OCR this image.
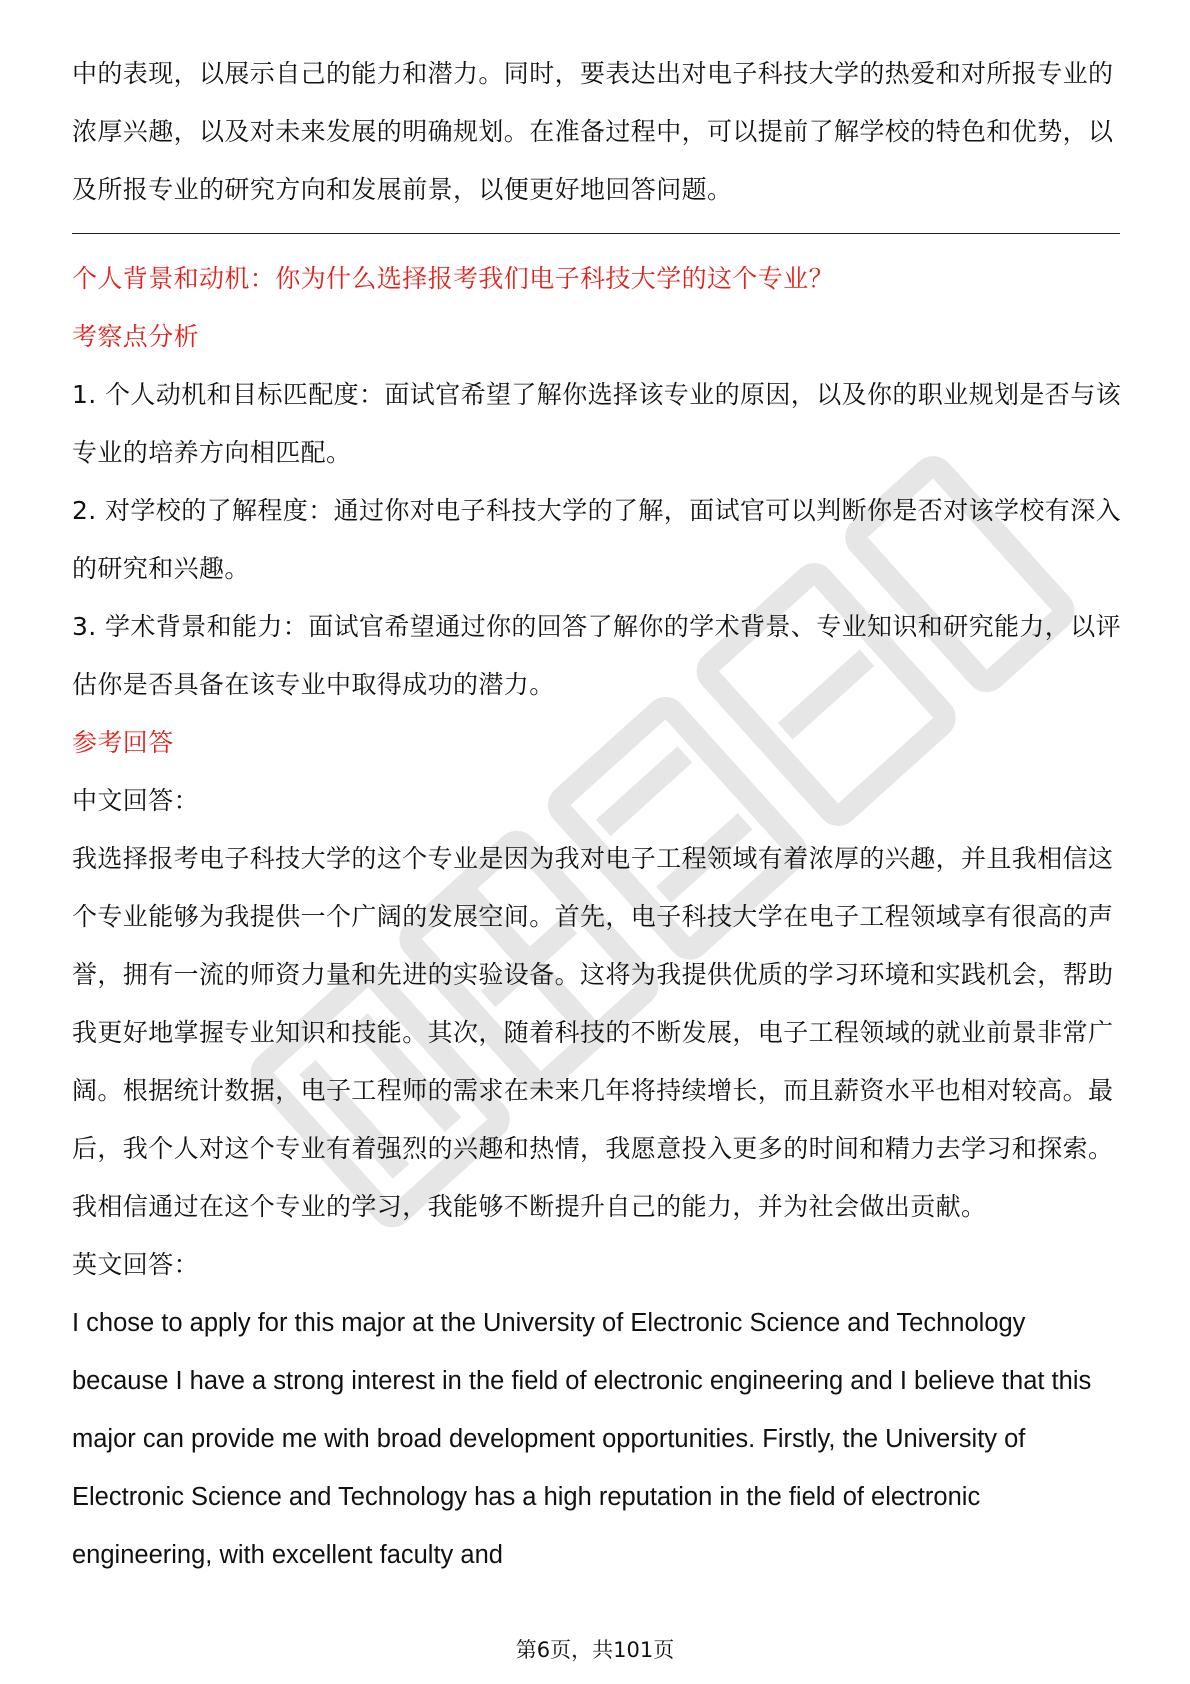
中的表现，以展示自己的能力和潜力。同时，要表达出对电子科技大学的热爱和对所报专业的浓厚兴趣，以及对未来发展的明确规划。在准备过程中，可以提前了解学校的特色和优势，以及所报专业的研究方向和发展前景，以便更好地回答问题。

个人背景和动机：你为什么选择报考我们电子科技大学的这个专业？

考察点分析

1. 个人动机和目标匹配度：面试官希望了解你选择该专业的原因，以及你的职业规划是否与该专业的培养方向相匹配。

2. 对学校的了解程度：通过你对电子科技大学的了解，面试官可以判断你是否对该学校有深入的研究和兴趣。

3. 学术背景和能力：面试官希望通过你的回答了解你的学术背景、专业知识和研究能力，以评估你是否具备在该专业中取得成功的潜力。

参考回答

中文回答：

我选择报考电子科技大学的这个专业是因为我对电子工程领域有着浓厚的兴趣，并且我相信这个专业能够为我提供一个广阔的发展空间。首先，电子科技大学在电子工程领域享有很高的声誉，拥有一流的师资力量和先进的实验设备。这将为我提供优质的学习环境和实践机会，帮助我更好地掌握专业知识和技能。其次，随着科技的不断发展，电子工程领域的就业前景非常广阔。根据统计数据，电子工程师的需求在未来几年将持续增长，而且薪资水平也相对较高。最后，我个人对这个专业有着强烈的兴趣和热情，我愿意投入更多的时间和精力去学习和探索。我相信通过在这个专业的学习，我能够不断提升自己的能力，并为社会做出贡献。

英文回答：

I chose to apply for this major at the University of Electronic Science and Technology because I have a strong interest in the field of electronic engineering and I believe that this major can provide me with broad development opportunities. Firstly, the University of Electronic Science and Technology has a high reputation in the field of electronic engineering, with excellent faculty and

第6页，共101页
